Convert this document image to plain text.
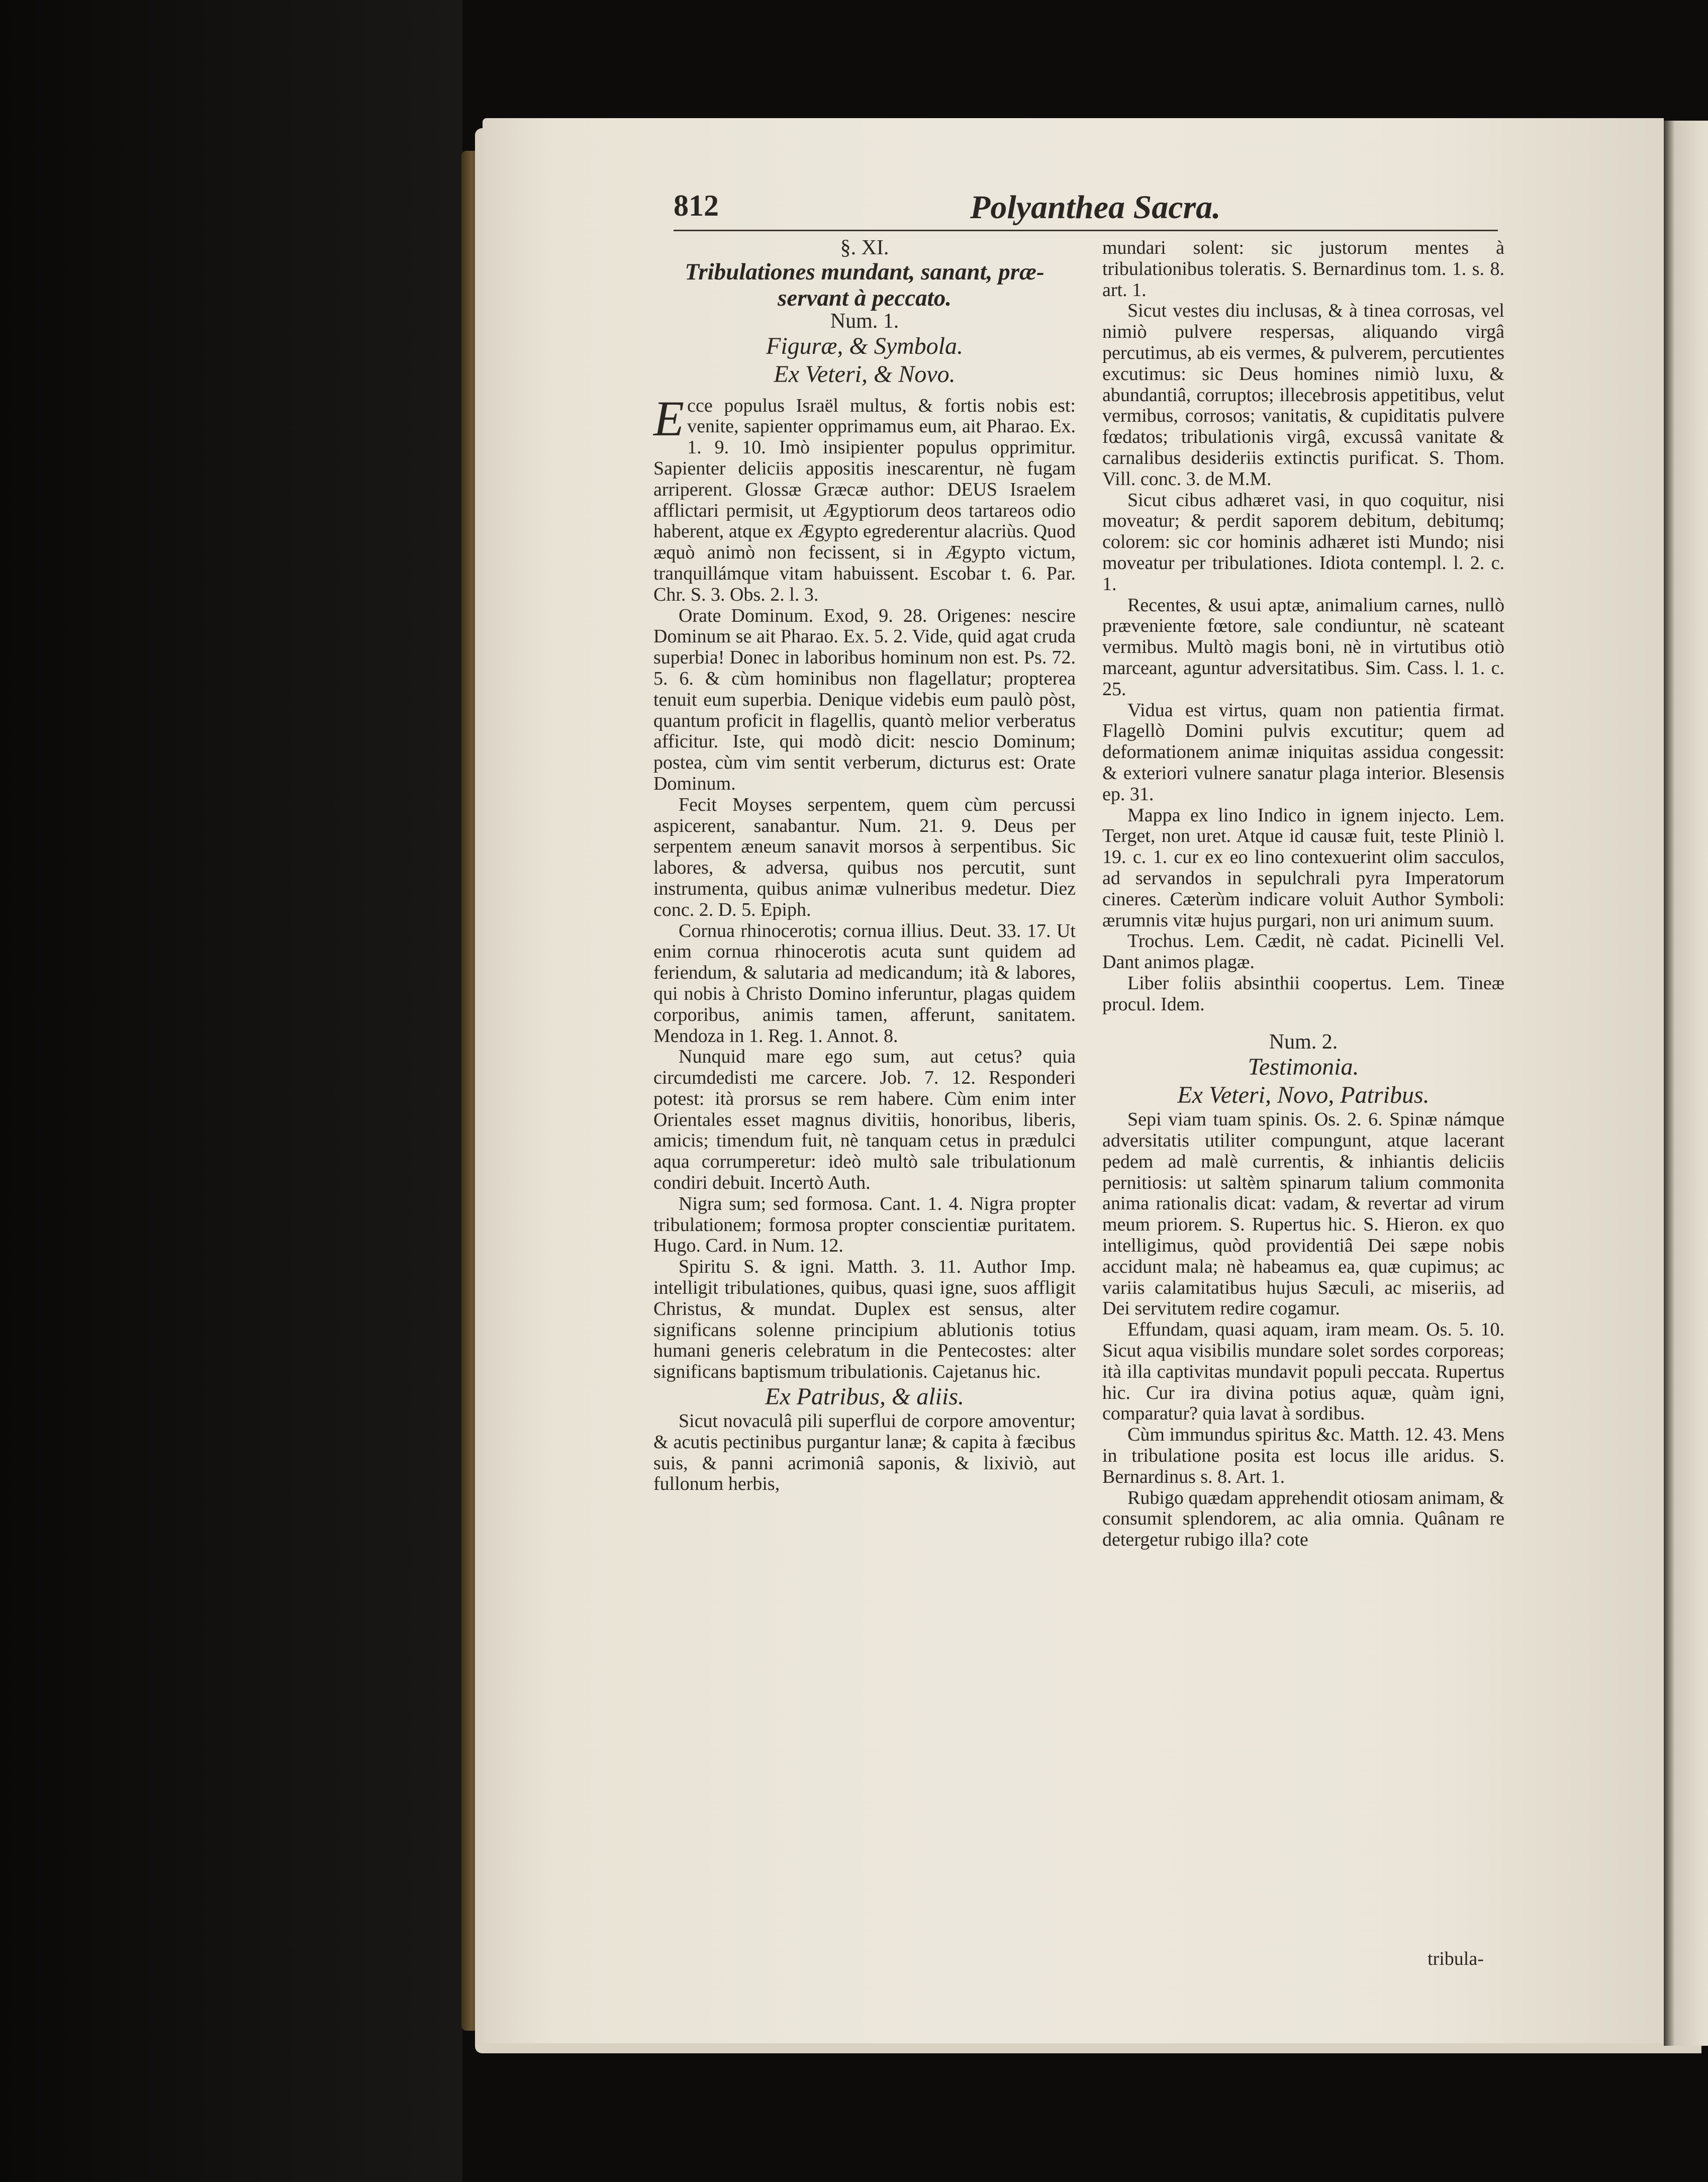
812	Polyanthea Sacra.
§. XI.
Tribulationes mundant, sanant, præ-
servant à peccato.
Num. 1.
Figuræ, & Symbola.
Ex Veteri, & Novo.

Ecce populus Israël multus, & fortis nobis est: venite, sapienter opprimamus eum, ait Pharao. Ex. 1. 9. 10. Imò insipienter populus opprimitur. Sapienter deliciis appositis inescarentur, nè fugam arriperent. Glossæ Græcæ author: DEUS Israelem afflictari permisit, ut Ægyptiorum deos tartareos odio haberent, atque ex Ægypto egrederentur alacriùs. Quod æquò animò non fecissent, si in Ægypto victum, tranquillámque vitam habuissent. Escobar t. 6. Par. Chr. S. 3. Obs. 2. l. 3.

Orate Dominum. Exod, 9. 28. Origenes: nescire Dominum se ait Pharao. Ex. 5. 2. Vide, quid agat cruda superbia! Donec in laboribus hominum non est. Ps. 72. 5. 6. & cùm hominibus non flagellatur; propterea tenuit eum superbia. Denique videbis eum paulò pòst, quantum proficit in flagellis, quantò melior verberatus afficitur. Iste, qui modò dicit: nescio Dominum; postea, cùm vim sentit verberum, dicturus est: Orate Dominum.

Fecit Moyses serpentem, quem cùm percussi aspicerent, sanabantur. Num. 21. 9. Deus per serpentem æneum sanavit morsos à serpentibus. Sic labores, & adversa, quibus nos percutit, sunt instrumenta, quibus animæ vulneribus medetur. Diez conc. 2. D. 5. Epiph.

Cornua rhinocerotis; cornua illius. Deut. 33. 17. Ut enim cornua rhinocerotis acuta sunt quidem ad feriendum, & salutaria ad medicandum; ità & labores, qui nobis à Christo Domino inferuntur, plagas quidem corporibus, animis tamen, afferunt, sanitatem. Mendoza in 1. Reg. 1. Annot. 8.

Nunquid mare ego sum, aut cetus? quia circumdedisti me carcere. Job. 7. 12. Responderi potest: ità prorsus se rem habere. Cùm enim inter Orientales esset magnus divitiis, honoribus, liberis, amicis; timendum fuit, nè tanquam cetus in prædulci aqua corrumperetur: ideò multò sale tribulationum condiri debuit. Incertò Auth.

Nigra sum; sed formosa. Cant. 1. 4. Nigra propter tribulationem; formosa propter conscientiæ puritatem. Hugo. Card. in Num. 12.

Spiritu S. & igni. Matth. 3. 11. Author Imp. intelligit tribulationes, quibus, quasi igne, suos affligit Christus, & mundat. Duplex est sensus, alter significans solenne principium ablutionis totius humani generis celebratum in die Pentecostes: alter significans baptismum tribulationis. Cajetanus hic.

Ex Patribus, & aliis.

Sicut novaculâ pili superflui de corpore amoventur; & acutis pectinibus purgantur lanæ; & capita à fæcibus suis, & panni acrimoniâ saponis, & lixiviò, aut fullonum herbis,

mundari solent: sic justorum mentes à tribulationibus toleratis. S. Bernardinus tom. 1. s. 8. art. 1.

Sicut vestes diu inclusas, & à tinea corrosas, vel nimiò pulvere respersas, aliquando virgâ percutimus, ab eis vermes, & pulverem, percutientes excutimus: sic Deus homines nimiò luxu, & abundantiâ, corruptos; illecebrosis appetitibus, velut vermibus, corrosos; vanitatis, & cupiditatis pulvere fœdatos; tribulationis virgâ, excussâ vanitate & carnalibus desideriis extinctis purificat. S. Thom. Vill. conc. 3. de M.M.

Sicut cibus adhæret vasi, in quo coquitur, nisi moveatur; & perdit saporem debitum, debitumq; colorem: sic cor hominis adhæret isti Mundo; nisi moveatur per tribulationes. Idiota contempl. l. 2. c. 1.

Recentes, & usui aptæ, animalium carnes, nullò præveniente fœtore, sale condiuntur, nè scateant vermibus. Multò magis boni, nè in virtutibus otiò marceant, aguntur adversitatibus. Sim. Cass. l. 1. c. 25.

Vidua est virtus, quam non patientia firmat. Flagellò Domini pulvis excutitur; quem ad deformationem animæ iniquitas assidua congessit: & exteriori vulnere sanatur plaga interior. Blesensis ep. 31.

Mappa ex lino Indico in ignem injecto. Lem. Terget, non uret. Atque id causæ fuit, teste Pliniò l. 19. c. 1. cur ex eo lino contexuerint olim sacculos, ad servandos in sepulchrali pyra Imperatorum cineres. Cæterùm indicare voluit Author Symboli: ærumnis vitæ hujus purgari, non uri animum suum.

Trochus. Lem. Cædit, nè cadat. Picinelli Vel. Dant animos plagæ.

Liber foliis absinthii coopertus. Lem. Tineæ procul. Idem.

Num. 2.
Testimonia.
Ex Veteri, Novo, Patribus.

Sepi viam tuam spinis. Os. 2. 6. Spinæ námque adversitatis utiliter compungunt, atque lacerant pedem ad malè currentis, & inhiantis deliciis pernitiosis: ut saltèm spinarum talium commonita anima rationalis dicat: vadam, & revertar ad virum meum priorem. S. Rupertus hic. S. Hieron. ex quo intelligimus, quòd providentiâ Dei sæpe nobis accidunt mala; nè habeamus ea, quæ cupimus; ac variis calamitatibus hujus Sæculi, ac miseriis, ad Dei servitutem redire cogamur.

Effundam, quasi aquam, iram meam. Os. 5. 10. Sicut aqua visibilis mundare solet sordes corporeas; ità illa captivitas mundavit populi peccata. Rupertus hic. Cur ira divina potius aquæ, quàm igni, comparatur? quia lavat à sordibus.

Cùm immundus spiritus &c. Matth. 12. 43. Mens in tribulatione posita est locus ille aridus. S. Bernardinus s. 8. Art. 1.

Rubigo quædam apprehendit otiosam animam, & consumit splendorem, ac alia omnia. Quânam re detergetur rubigo illa? cote

tribula-
